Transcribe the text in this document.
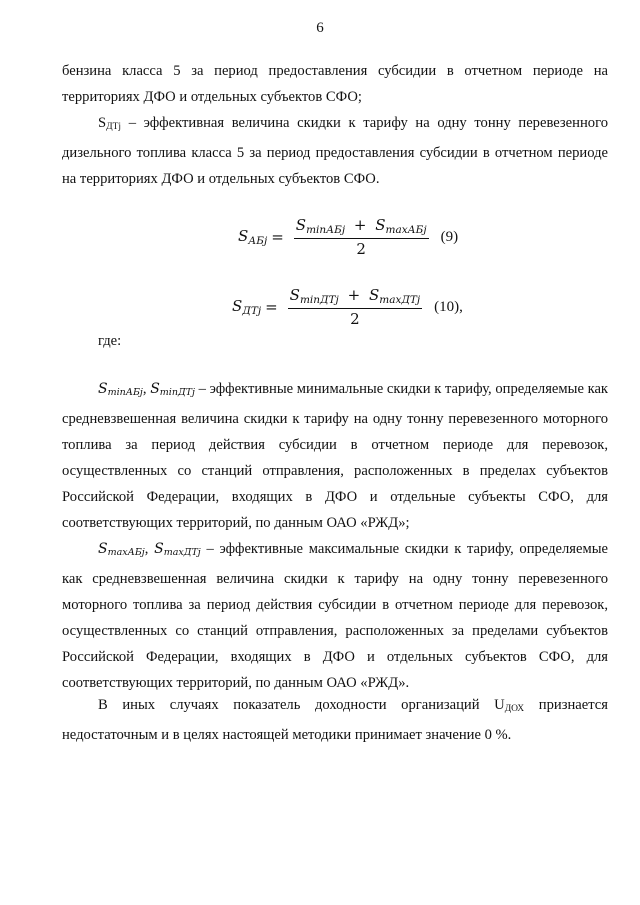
6
бензина класса 5 за период предоставления субсидии в отчетном периоде на территориях ДФО и отдельных субъектов СФО;
SДТj – эффективная величина скидки к тарифу на одну тонну перевезенного дизельного топлива класса 5 за период предоставления субсидии в отчетном периоде на территориях ДФО и отдельных субъектов СФО.
$S_{АБj} = \frac{S_{minАБj} + S_{maxАБj}}{2} (9)$
$S_{ДТj} = \frac{S_{minДТj} + S_{maxДТj}}{2} (10)$,
где:
SminАБj, SminДТj – эффективные минимальные скидки к тарифу, определяемые как средневзвешенная величина скидки к тарифу на одну тонну перевезенного моторного топлива за период действия субсидии в отчетном периоде для перевозок, осуществленных со станций отправления, расположенных в пределах субъектов Российской Федерации, входящих в ДФО и отдельные субъекты СФО, для соответствующих территорий, по данным ОАО «РЖД»;
SmaxАБj, SmaxДТj – эффективные максимальные скидки к тарифу, определяемые как средневзвешенная величина скидки к тарифу на одну тонну перевезенного моторного топлива за период действия субсидии в отчетном периоде для перевозок, осуществленных со станций отправления, расположенных за пределами субъектов Российской Федерации, входящих в ДФО и отдельных субъектов СФО, для соответствующих территорий, по данным ОАО «РЖД».
В иных случаях показатель доходности организаций UДОХ признается недостаточным и в целях настоящей методики принимает значение 0 %.
